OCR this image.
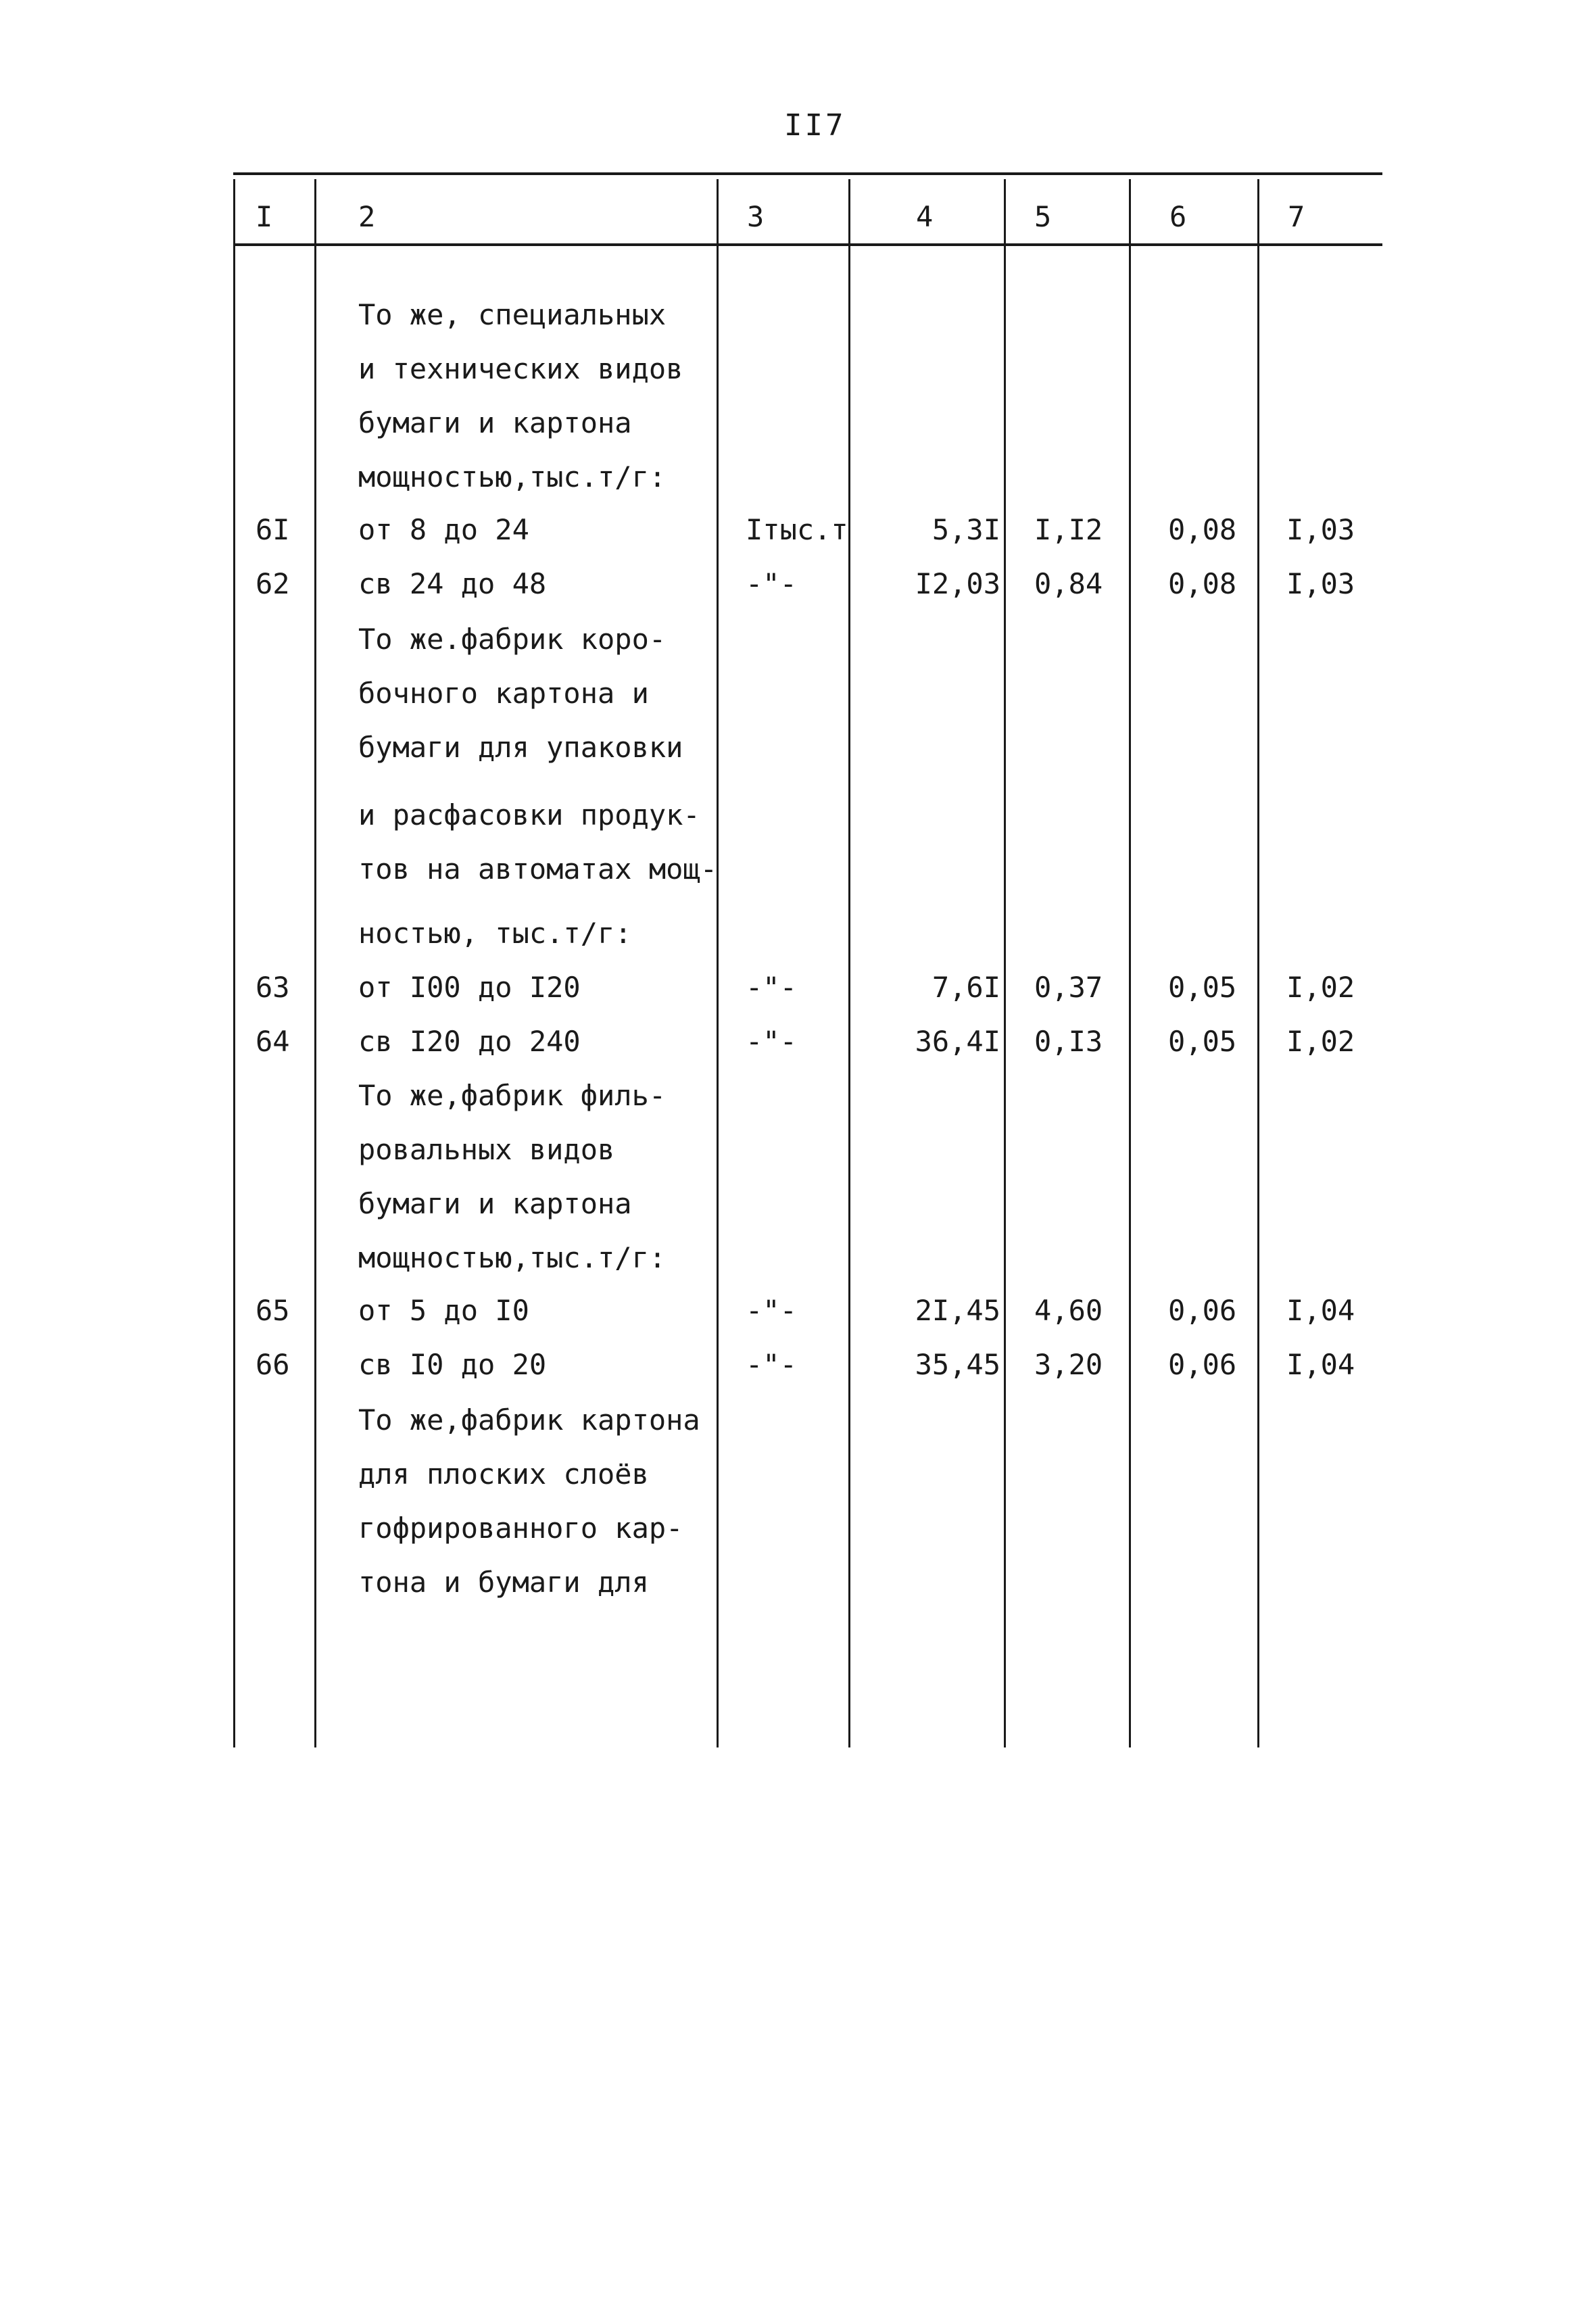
II7
I	2	3	4	5	6	7
То же, специальных
и технических видов
бумаги и картона
мощностью,тыс.т/г:
6I от 8 до 24	Iтыс.т	5,3I I,I2 0,08 I,03
62 св 24 до 48	-"-	I2,03 0,84 0,08 I,03
То же.фабрик коро-
бочного картона и
бумаги для упаковки
и расфасовки продук-
тов на автоматах мощ-
ностью, тыс.т/г:
63 от I00 до I20	-"-	7,6I 0,37 0,05 I,02
64 св I20 до 240	-"-	36,4I 0,I3 0,05 I,02
То же,фабрик филь-
ровальных видов
бумаги и картона
мощностью,тыс.т/г:
65 от 5 до I0	-"-	2I,45 4,60 0,06 I,04
66 св I0 до 20	-"-	35,45 3,20 0,06 I,04
То же,фабрик картона
для плоских слоёв
гофрированного кар-
тона и бумаги для
